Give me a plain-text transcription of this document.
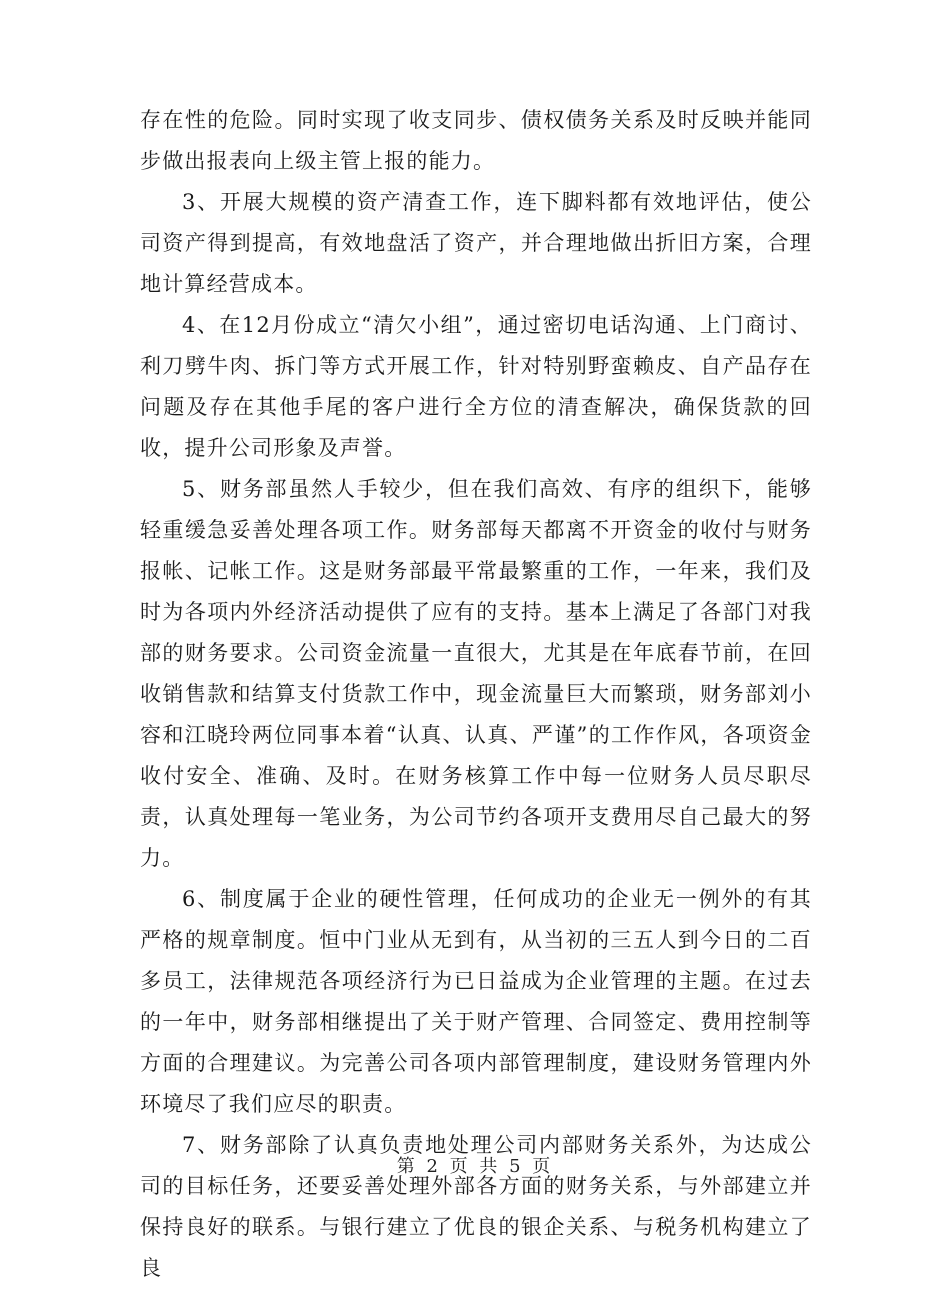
存在性的危险。同时实现了收支同步、债权债务关系及时反映并能同步做出报表向上级主管上报的能力。

3、开展大规模的资产清查工作，连下脚料都有效地评估，使公司资产得到提高，有效地盘活了资产，并合理地做出折旧方案，合理地计算经营成本。

4、在12月份成立“清欠小组”，通过密切电话沟通、上门商讨、利刀劈牛肉、拆门等方式开展工作，针对特别野蛮赖皮、自产品存在问题及存在其他手尾的客户进行全方位的清查解决，确保货款的回收，提升公司形象及声誉。

5、财务部虽然人手较少，但在我们高效、有序的组织下，能够轻重缓急妥善处理各项工作。财务部每天都离不开资金的收付与财务报帐、记帐工作。这是财务部最平常最繁重的工作，一年来，我们及时为各项内外经济活动提供了应有的支持。基本上满足了各部门对我部的财务要求。公司资金流量一直很大，尤其是在年底春节前，在回收销售款和结算支付货款工作中，现金流量巨大而繁琐，财务部刘小容和江晓玲两位同事本着“认真、认真、严谨”的工作作风，各项资金收付安全、准确、及时。在财务核算工作中每一位财务人员尽职尽责，认真处理每一笔业务，为公司节约各项开支费用尽自己最大的努力。

6、制度属于企业的硬性管理，任何成功的企业无一例外的有其严格的规章制度。恒中门业从无到有，从当初的三五人到今日的二百多员工，法律规范各项经济行为已日益成为企业管理的主题。在过去的一年中，财务部相继提出了关于财产管理、合同签定、费用控制等方面的合理建议。为完善公司各项内部管理制度，建设财务管理内外环境尽了我们应尽的职责。

7、财务部除了认真负责地处理公司内部财务关系外，为达成公司的目标任务，还要妥善处理外部各方面的财务关系，与外部建立并保持良好的联系。与银行建立了优良的银企关系、与税务机构建立了良

第 2 页 共 5 页
